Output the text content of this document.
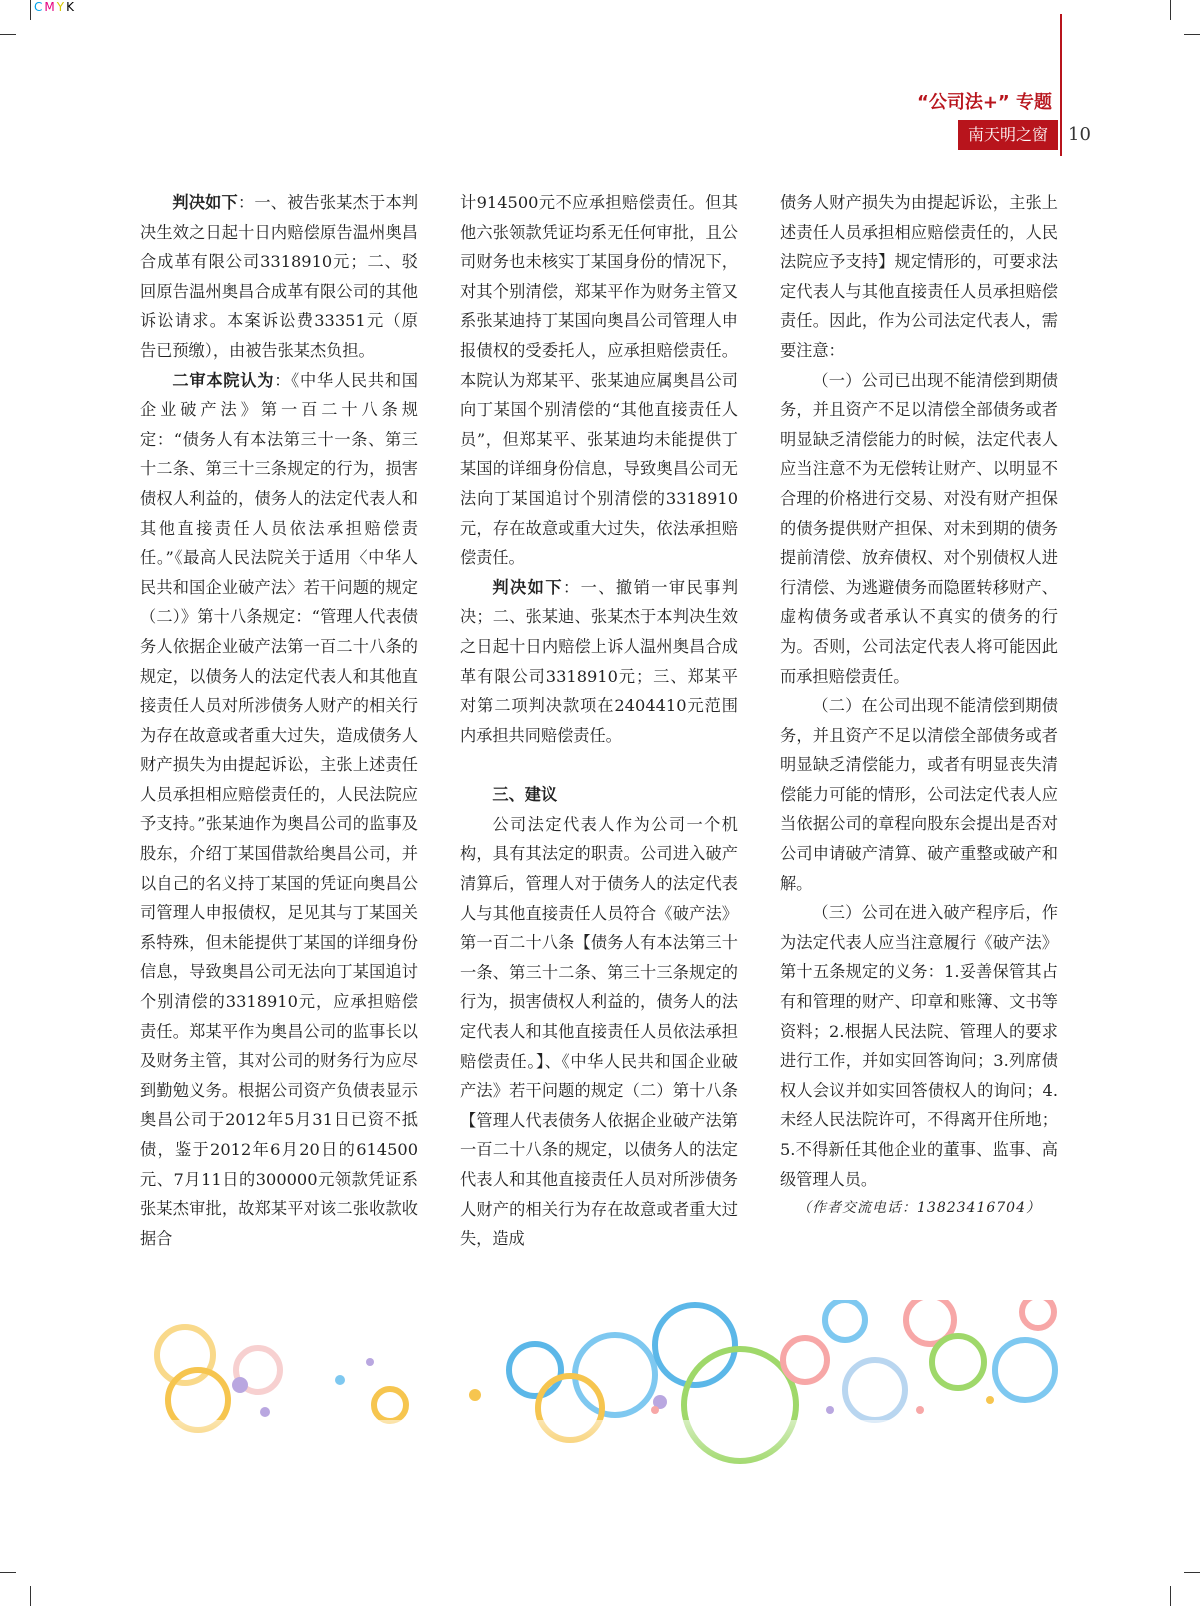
CMYK
“公司法+” 专题
南天明之窗	10

判决如下：一、被告张某杰于本判决生效之日起十日内赔偿原告温州奥昌合成革有限公司3318910元；二、驳回原告温州奥昌合成革有限公司的其他诉讼请求。本案诉讼费33351元（原告已预缴），由被告张某杰负担。

二审本院认为：《中华人民共和国企业破产法》第一百二十八条规定：“债务人有本法第三十一条、第三十二条、第三十三条规定的行为，损害债权人利益的，债务人的法定代表人和其他直接责任人员依法承担赔偿责任。”《最高人民法院关于适用〈中华人民共和国企业破产法〉若干问题的规定（二）》第十八条规定：“管理人代表债务人依据企业破产法第一百二十八条的规定，以债务人的法定代表人和其他直接责任人员对所涉债务人财产的相关行为存在故意或者重大过失，造成债务人财产损失为由提起诉讼，主张上述责任人员承担相应赔偿责任的，人民法院应予支持。”张某迪作为奥昌公司的监事及股东，介绍丁某国借款给奥昌公司，并以自己的名义持丁某国的凭证向奥昌公司管理人申报债权，足见其与丁某国关系特殊，但未能提供丁某国的详细身份信息，导致奥昌公司无法向丁某国追讨个别清偿的3318910元，应承担赔偿责任。郑某平作为奥昌公司的监事长以及财务主管，其对公司的财务行为应尽到勤勉义务。根据公司资产负债表显示奥昌公司于2012年5月31日已资不抵债，鉴于2012年6月20日的614500元、7月11日的300000元领款凭证系张某杰审批，故郑某平对该二张收款收据合

计914500元不应承担赔偿责任。但其他六张领款凭证均系无任何审批，且公司财务也未核实丁某国身份的情况下，对其个别清偿，郑某平作为财务主管又系张某迪持丁某国向奥昌公司管理人申报债权的受委托人，应承担赔偿责任。本院认为郑某平、张某迪应属奥昌公司向丁某国个别清偿的“其他直接责任人员”，但郑某平、张某迪均未能提供丁某国的详细身份信息，导致奥昌公司无法向丁某国追讨个别清偿的3318910元，存在故意或重大过失，依法承担赔偿责任。

判决如下：一、撤销一审民事判决；二、张某迪、张某杰于本判决生效之日起十日内赔偿上诉人温州奥昌合成革有限公司3318910元；三、郑某平对第二项判决款项在2404410元范围内承担共同赔偿责任。

三、建议

公司法定代表人作为公司一个机构，具有其法定的职责。公司进入破产清算后，管理人对于债务人的法定代表人与其他直接责任人员符合《破产法》第一百二十八条【债务人有本法第三十一条、第三十二条、第三十三条规定的行为，损害债权人利益的，债务人的法定代表人和其他直接责任人员依法承担赔偿责任。】、《中华人民共和国企业破产法》若干问题的规定（二）第十八条【管理人代表债务人依据企业破产法第一百二十八条的规定，以债务人的法定代表人和其他直接责任人员对所涉债务人财产的相关行为存在故意或者重大过失，造成

债务人财产损失为由提起诉讼，主张上述责任人员承担相应赔偿责任的，人民法院应予支持】规定情形的，可要求法定代表人与其他直接责任人员承担赔偿责任。因此，作为公司法定代表人，需要注意：

（一）公司已出现不能清偿到期债务，并且资产不足以清偿全部债务或者明显缺乏清偿能力的时候，法定代表人应当注意不为无偿转让财产、以明显不合理的价格进行交易、对没有财产担保的债务提供财产担保、对未到期的债务提前清偿、放弃债权、对个别债权人进行清偿、为逃避债务而隐匿转移财产、虚构债务或者承认不真实的债务的行为。否则，公司法定代表人将可能因此而承担赔偿责任。

（二）在公司出现不能清偿到期债务，并且资产不足以清偿全部债务或者明显缺乏清偿能力，或者有明显丧失清偿能力可能的情形，公司法定代表人应当依据公司的章程向股东会提出是否对公司申请破产清算、破产重整或破产和解。

（三）公司在进入破产程序后，作为法定代表人应当注意履行《破产法》第十五条规定的义务：1.妥善保管其占有和管理的财产、印章和账簿、文书等资料；2.根据人民法院、管理人的要求进行工作，并如实回答询问；3.列席债权人会议并如实回答债权人的询问；4.未经人民法院许可，不得离开住所地；5.不得新任其他企业的董事、监事、高级管理人员。

（作者交流电话：13823416704）
